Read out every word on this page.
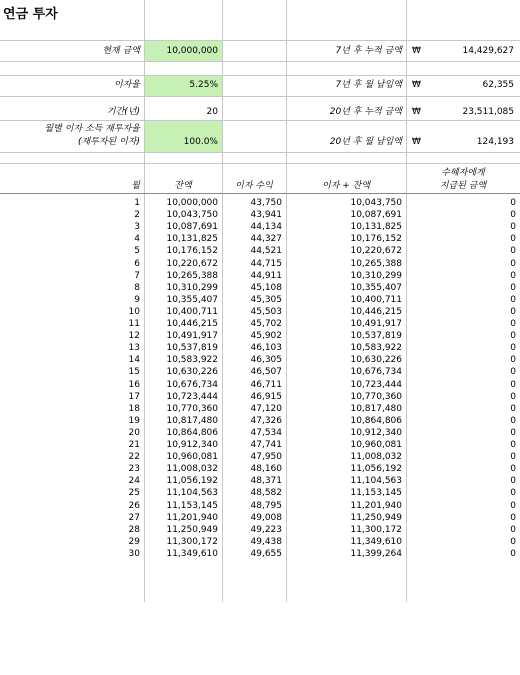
연금 투자
현재 금액	10,000,000
이자율	5.25%
기간(년)	20
월별 이자 소득 재투자율
(재투자된 이자)	100.0%
7년 후 누적 금액 ₩	14,429,627
7년 후 월 납입액 ₩	62,355
20년 후 누적 금액 ₩	23,511,085
20년 후 월 납입액 ₩	124,193
월	잔액	이자 수익	이자 + 잔액
수혜자에게
지급된 금액
1	10,000,000	43,750	10,043,750	0
2	10,043,750	43,941	10,087,691	0
3	10,087,691	44,134	10,131,825	0
4	10,131,825	44,327	10,176,152	0
5	10,176,152	44,521	10,220,672	0
6	10,220,672	44,715	10,265,388	0
7	10,265,388	44,911	10,310,299	0
8	10,310,299	45,108	10,355,407	0
9	10,355,407	45,305	10,400,711	0
10	10,400,711	45,503	10,446,215	0
11	10,446,215	45,702	10,491,917	0
12	10,491,917	45,902	10,537,819	0
13	10,537,819	46,103	10,583,922	0
14	10,583,922	46,305	10,630,226	0
15	10,630,226	46,507	10,676,734	0
16	10,676,734	46,711	10,723,444	0
17	10,723,444	46,915	10,770,360	0
18	10,770,360	47,120	10,817,480	0
19	10,817,480	47,326	10,864,806	0
20	10,864,806	47,534	10,912,340	0
21	10,912,340	47,741	10,960,081	0
22	10,960,081	47,950	11,008,032	0
23	11,008,032	48,160	11,056,192	0
24	11,056,192	48,371	11,104,563	0
25	11,104,563	48,582	11,153,145	0
26	11,153,145	48,795	11,201,940	0
27	11,201,940	49,008	11,250,949	0
28	11,250,949	49,223	11,300,172	0
29	11,300,172	49,438	11,349,610	0
30	11,349,610	49,655	11,399,264	0
